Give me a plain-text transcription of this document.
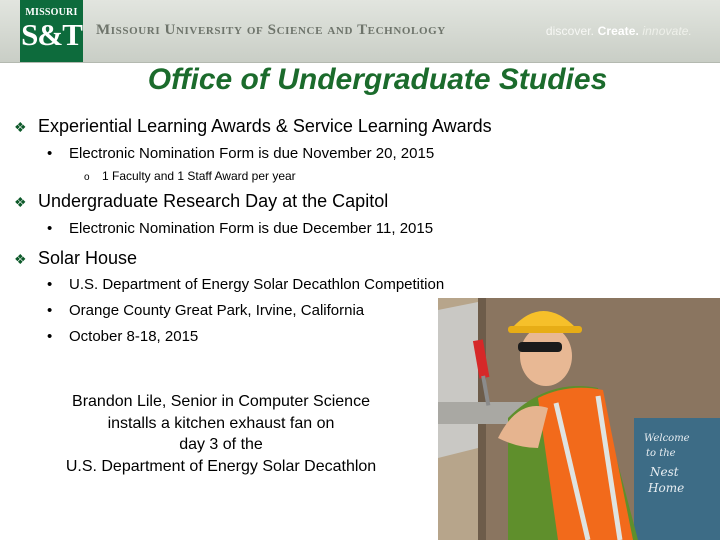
MISSOURI
S&T Missouri University of Science and Technology	discover. Create. innovate.
Office of Undergraduate Studies
❖ Experiential Learning Awards & Service Learning Awards
• Electronic Nomination Form is due November 20, 2015
o 1 Faculty and 1 Staff Award per year
❖ Undergraduate Research Day at the Capitol
• Electronic Nomination Form is due December 11, 2015
❖ Solar House
• U.S. Department of Energy Solar Decathlon Competition
• Orange County Great Park, Irvine, California
• October 8-18, 2015
Brandon Lile, Senior in Computer Science
installs a kitchen exhaust fan on
day 3 of the
U.S. Department of Energy Solar Decathlon
Welcome
to the
Nest
Home
